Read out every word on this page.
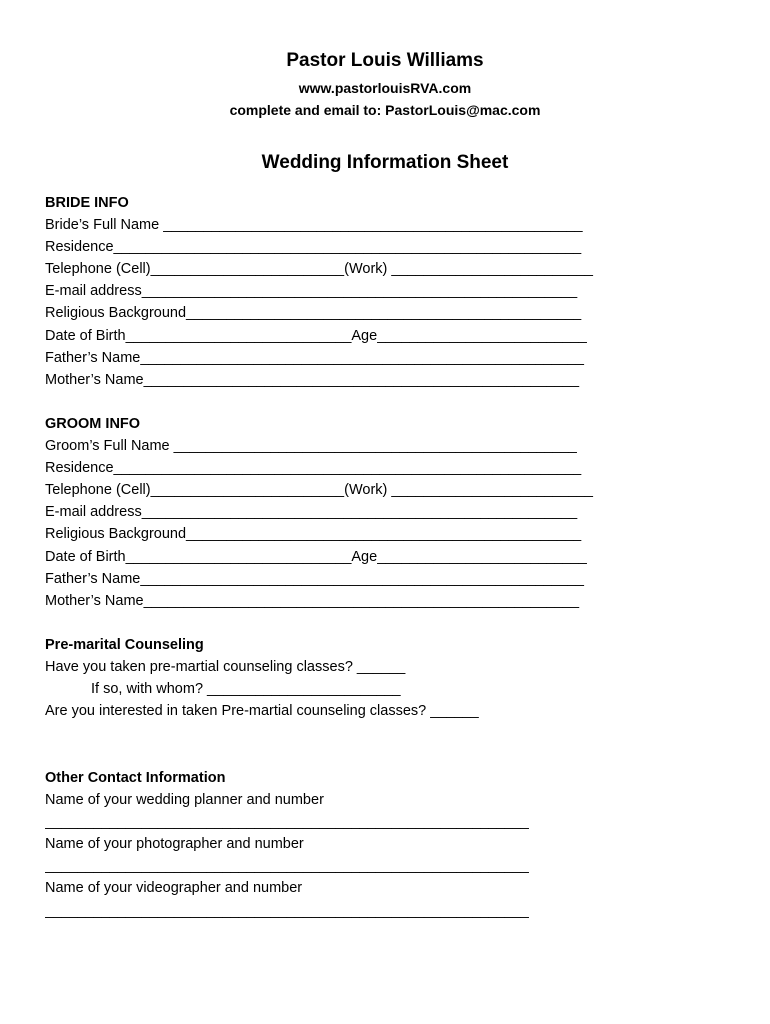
Pastor Louis Williams
www.pastorlouisRVA.com
complete and email to: PastorLouis@mac.com
Wedding Information Sheet
BRIDE INFO
Bride’s Full Name ____________________________________________________
Residence__________________________________________________________
Telephone (Cell)________________________(Work) _________________________
E-mail address______________________________________________________
Religious Background_________________________________________________
Date of Birth____________________________Age__________________________
Father’s Name_______________________________________________________
Mother’s Name______________________________________________________
GROOM INFO
Groom’s Full Name __________________________________________________
Residence__________________________________________________________
Telephone (Cell)________________________(Work) _________________________
E-mail address______________________________________________________
Religious Background_________________________________________________
Date of Birth____________________________Age__________________________
Father’s Name_______________________________________________________
Mother’s Name______________________________________________________
Pre-marital Counseling
Have you taken pre-martial counseling classes? ______
If so, with whom? ________________________
Are you interested in taken Pre-martial counseling classes? ______
Other Contact Information
Name of your wedding planner and number
____________________________________________________________
Name of your photographer and number
____________________________________________________________
Name of your videographer and number
____________________________________________________________
